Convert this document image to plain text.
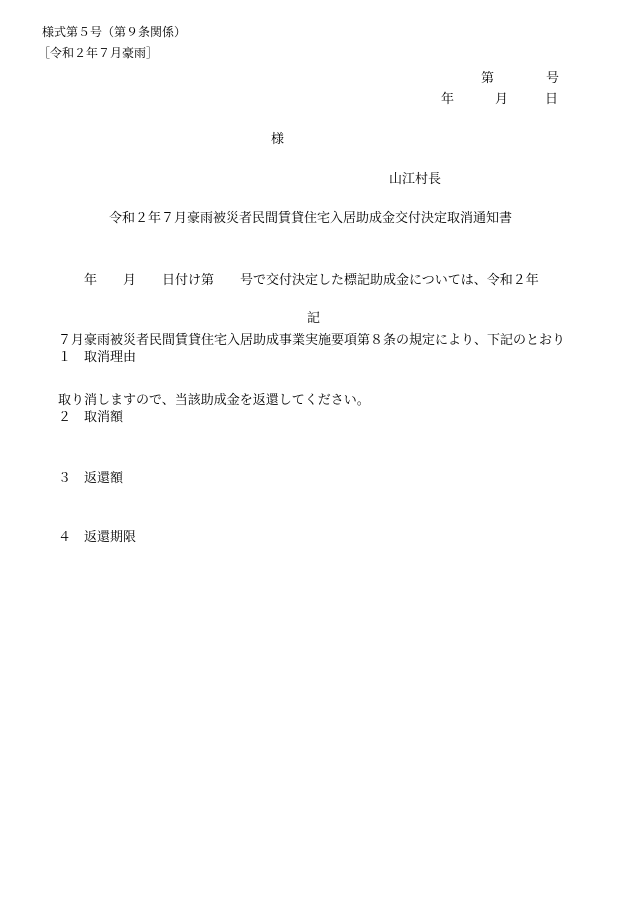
様式第５号（第９条関係）
［令和２年７月豪雨］
第	号
年	月	日
様
山江村長
令和２年７月豪雨被災者民間賃貸住宅入居助成金交付決定取消通知書

　　年　　月　　日付け第　　号で交付決定した標記助成金については、令和２年

７月豪雨被災者民間賃貸住宅入居助成事業実施要項第８条の規定により、下記のとおり

取り消しますので、当該助成金を返還してください。

記
１ 取消理由
２ 取消額
３ 返還額
４ 返還期限
